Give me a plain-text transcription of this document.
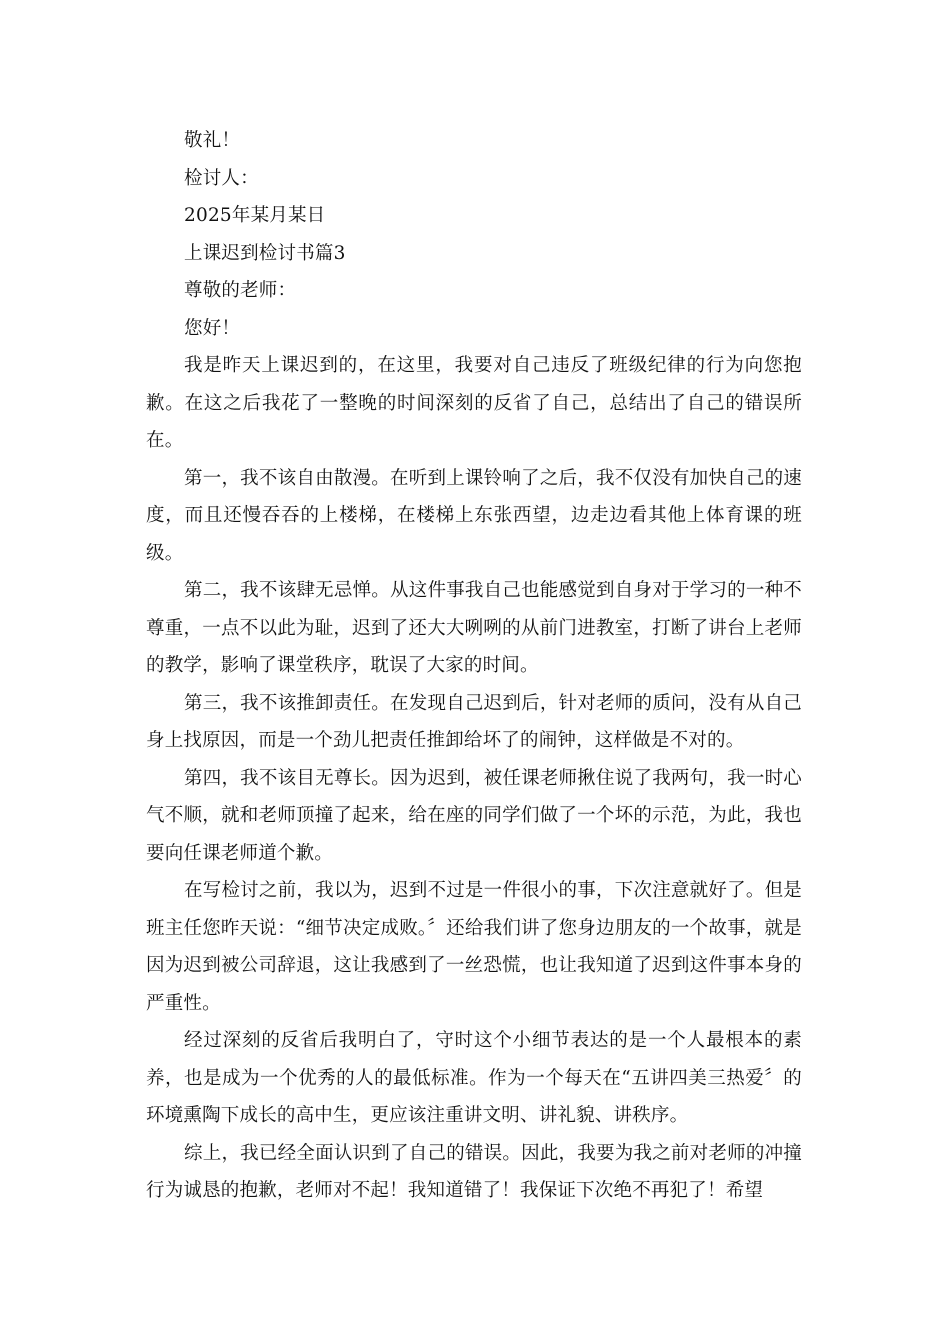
敬礼！

检讨人：

2025年某月某日

上课迟到检讨书篇3

尊敬的老师：

您好！

我是昨天上课迟到的，在这里，我要对自己违反了班级纪律的行为向您抱歉。在这之后我花了一整晚的时间深刻的反省了自己，总结出了自己的错误所在。

第一，我不该自由散漫。在听到上课铃响了之后，我不仅没有加快自己的速度，而且还慢吞吞的上楼梯，在楼梯上东张西望，边走边看其他上体育课的班级。

第二，我不该肆无忌惮。从这件事我自己也能感觉到自身对于学习的一种不尊重，一点不以此为耻，迟到了还大大咧咧的从前门进教室，打断了讲台上老师的教学，影响了课堂秩序，耽误了大家的时间。

第三，我不该推卸责任。在发现自己迟到后，针对老师的质问，没有从自己身上找原因，而是一个劲儿把责任推卸给坏了的闹钟，这样做是不对的。

第四，我不该目无尊长。因为迟到，被任课老师揪住说了我两句，我一时心气不顺，就和老师顶撞了起来，给在座的同学们做了一个坏的示范，为此，我也要向任课老师道个歉。

在写检讨之前，我以为，迟到不过是一件很小的事，下次注意就好了。但是班主任您昨天说：“细节决定成败。〞还给我们讲了您身边朋友的一个故事，就是因为迟到被公司辞退，这让我感到了一丝恐慌，也让我知道了迟到这件事本身的严重性。

经过深刻的反省后我明白了，守时这个小细节表达的是一个人最根本的素养，也是成为一个优秀的人的最低标准。作为一个每天在“五讲四美三热爱〞的环境熏陶下成长的高中生，更应该注重讲文明、讲礼貌、讲秩序。

综上，我已经全面认识到了自己的错误。因此，我要为我之前对老师的冲撞行为诚恳的抱歉，老师对不起！我知道错了！我保证下次绝不再犯了！希望
